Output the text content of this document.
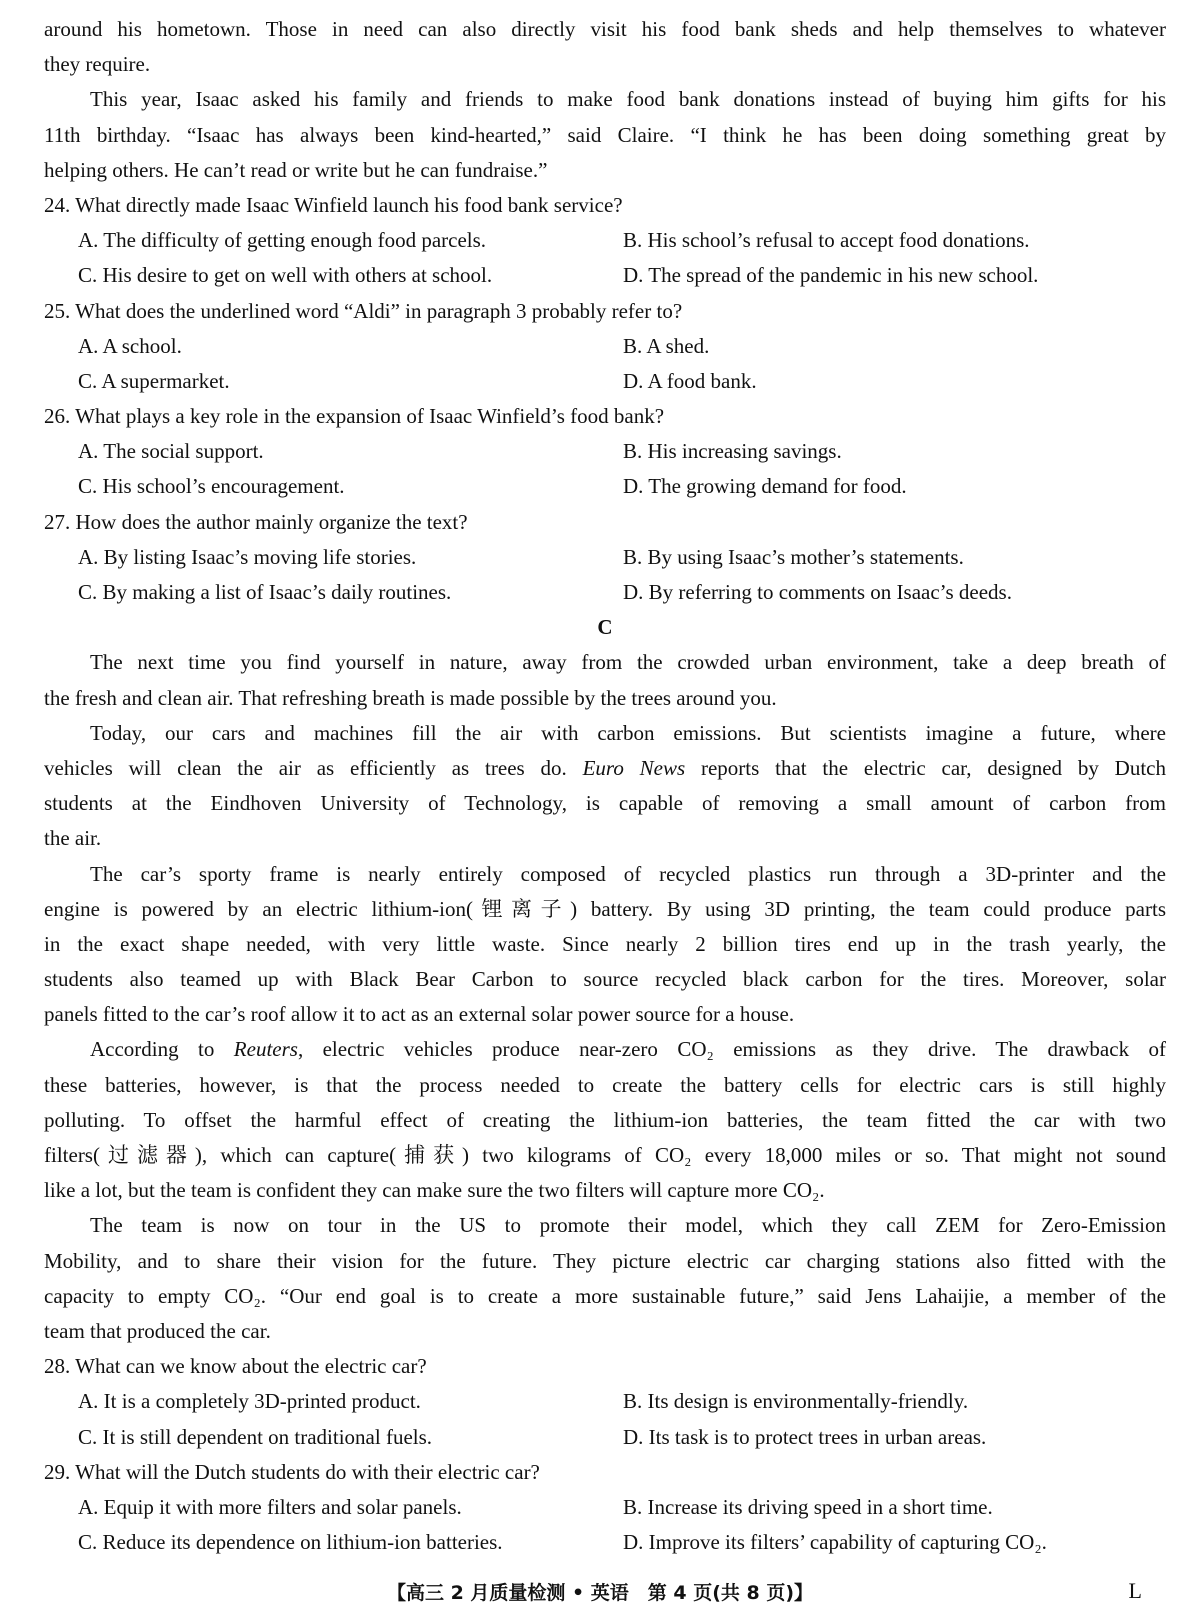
around his hometown. Those in need can also directly visit his food bank sheds and help themselves to whatever
they require.
This year, Isaac asked his family and friends to make food bank donations instead of buying him gifts for his
11th birthday. “Isaac has always been kind-hearted,” said Claire. “I think he has been doing something great by
helping others. He can’t read or write but he can fundraise.”
24. What directly made Isaac Winfield launch his food bank service?
A. The difficulty of getting enough food parcels.	B. His school’s refusal to accept food donations.
C. His desire to get on well with others at school.	D. The spread of the pandemic in his new school.
25. What does the underlined word “Aldi” in paragraph 3 probably refer to?
A. A school.	B. A shed.
C. A supermarket.	D. A food bank.
26. What plays a key role in the expansion of Isaac Winfield’s food bank?
A. The social support.	B. His increasing savings.
C. His school’s encouragement.	D. The growing demand for food.
27. How does the author mainly organize the text?
A. By listing Isaac’s moving life stories.	B. By using Isaac’s mother’s statements.
C. By making a list of Isaac’s daily routines.	D. By referring to comments on Isaac’s deeds.
C
The next time you find yourself in nature, away from the crowded urban environment, take a deep breath of
the fresh and clean air. That refreshing breath is made possible by the trees around you.
Today, our cars and machines fill the air with carbon emissions. But scientists imagine a future, where
vehicles will clean the air as efficiently as trees do. Euro News reports that the electric car, designed by Dutch
students at the Eindhoven University of Technology, is capable of removing a small amount of carbon from
the air.
The car’s sporty frame is nearly entirely composed of recycled plastics run through a 3D-printer and the
engine is powered by an electric lithium-ion(锂离子) battery. By using 3D printing, the team could produce parts
in the exact shape needed, with very little waste. Since nearly 2 billion tires end up in the trash yearly, the
students also teamed up with Black Bear Carbon to source recycled black carbon for the tires. Moreover, solar
panels fitted to the car’s roof allow it to act as an external solar power source for a house.
According to Reuters, electric vehicles produce near-zero CO₂ emissions as they drive. The drawback of
these batteries, however, is that the process needed to create the battery cells for electric cars is still highly
polluting. To offset the harmful effect of creating the lithium-ion batteries, the team fitted the car with two
filters(过滤器), which can capture(捕获) two kilograms of CO₂ every 18,000 miles or so. That might not sound
like a lot, but the team is confident they can make sure the two filters will capture more CO₂.
The team is now on tour in the US to promote their model, which they call ZEM for Zero-Emission
Mobility, and to share their vision for the future. They picture electric car charging stations also fitted with the
capacity to empty CO₂. “Our end goal is to create a more sustainable future,” said Jens Lahaijie, a member of the
team that produced the car.
28. What can we know about the electric car?
A. It is a completely 3D-printed product.	B. Its design is environmentally-friendly.
C. It is still dependent on traditional fuels.	D. Its task is to protect trees in urban areas.
29. What will the Dutch students do with their electric car?
A. Equip it with more filters and solar panels.	B. Increase its driving speed in a short time.
C. Reduce its dependence on lithium-ion batteries.	D. Improve its filters’ capability of capturing CO₂.
【高三 2 月质量检测 • 英语　第 4 页(共 8 页)】	L
